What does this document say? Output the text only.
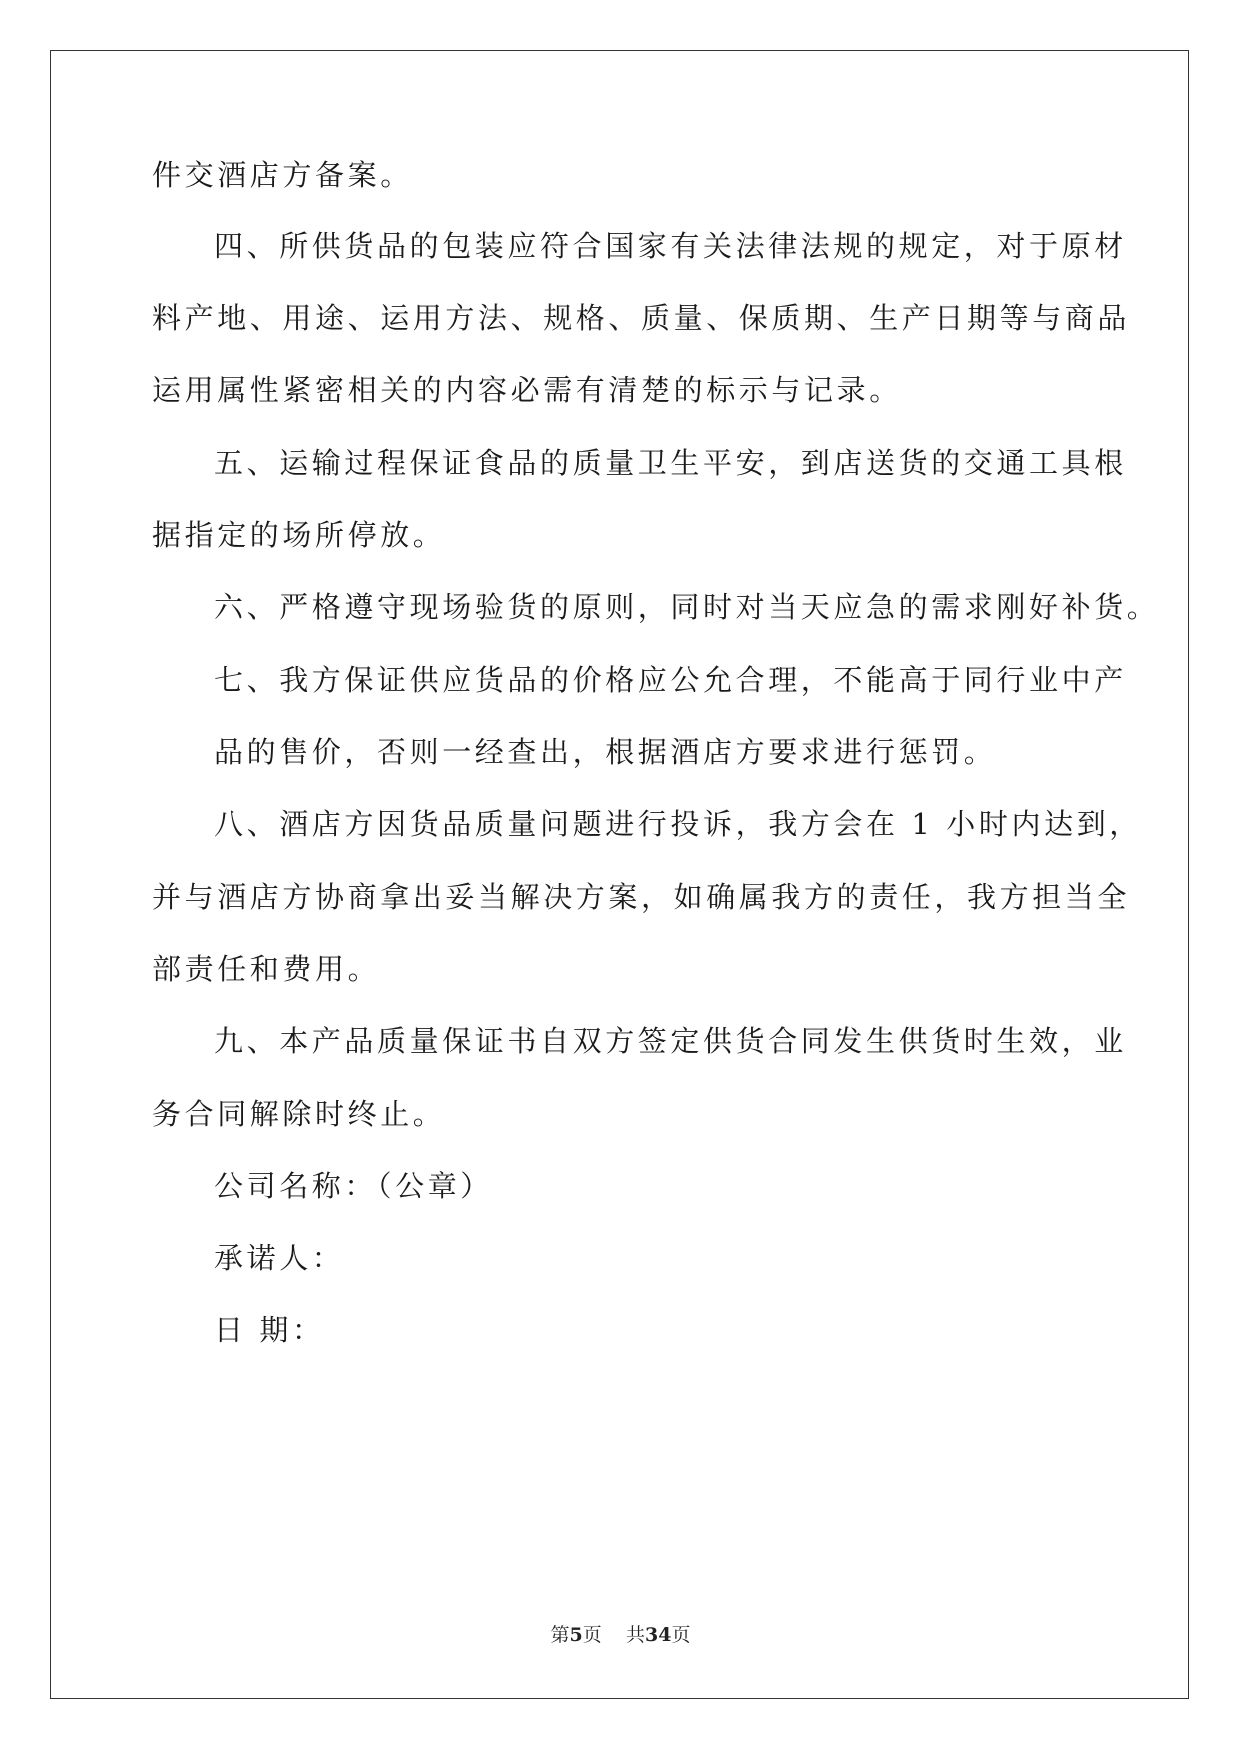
件交酒店方备案。
四、所供货品的包装应符合国家有关法律法规的规定，对于原材
料产地、用途、运用方法、规格、质量、保质期、生产日期等与商品
运用属性紧密相关的内容必需有清楚的标示与记录。
五、运输过程保证食品的质量卫生平安，到店送货的交通工具根
据指定的场所停放。
六、严格遵守现场验货的原则，同时对当天应急的需求刚好补货。
七、我方保证供应货品的价格应公允合理，不能高于同行业中产
品的售价，否则一经查出，根据酒店方要求进行惩罚。
八、酒店方因货品质量问题进行投诉，我方会在 1 小时内达到，
并与酒店方协商拿出妥当解决方案，如确属我方的责任，我方担当全
部责任和费用。
九、本产品质量保证书自双方签定供货合同发生供货时生效，业
务合同解除时终止。
公司名称：（公章）
承诺人：
日 期：
第5页 共34页
